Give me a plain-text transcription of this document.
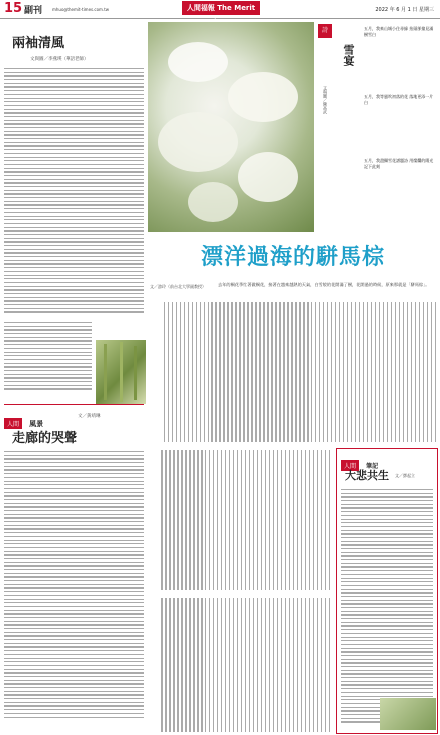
15 副刊 mhuo@themit-times.com.tw	人間福報 The Merit	2022 年 6 月 1 日 星期三
兩袖清風
文與圖／李燕瑛（華語老師）
人間 風景
文／黃靖琳
走廊的哭聲
雪宴
文與圖／陳高武
詩	五月，我來山城小住尋綠 抬頭卻撞見滿樹雪白
五月，我等風吹初落的花 落地更添一片白
五月，我盡攝雪花譜題詩 用燦爛的陽光記下此刻
漂洋過海的駢馬棕
文／游玲（前台北大學副教授）	去年的桐花季忙著做桐花，接著在越來越熱的天氣，白雪般的花開滿了樹，花開過的時候，原來那就是「駢馬棕」。
人間 筆記
大悲共生 文／鄧起立
